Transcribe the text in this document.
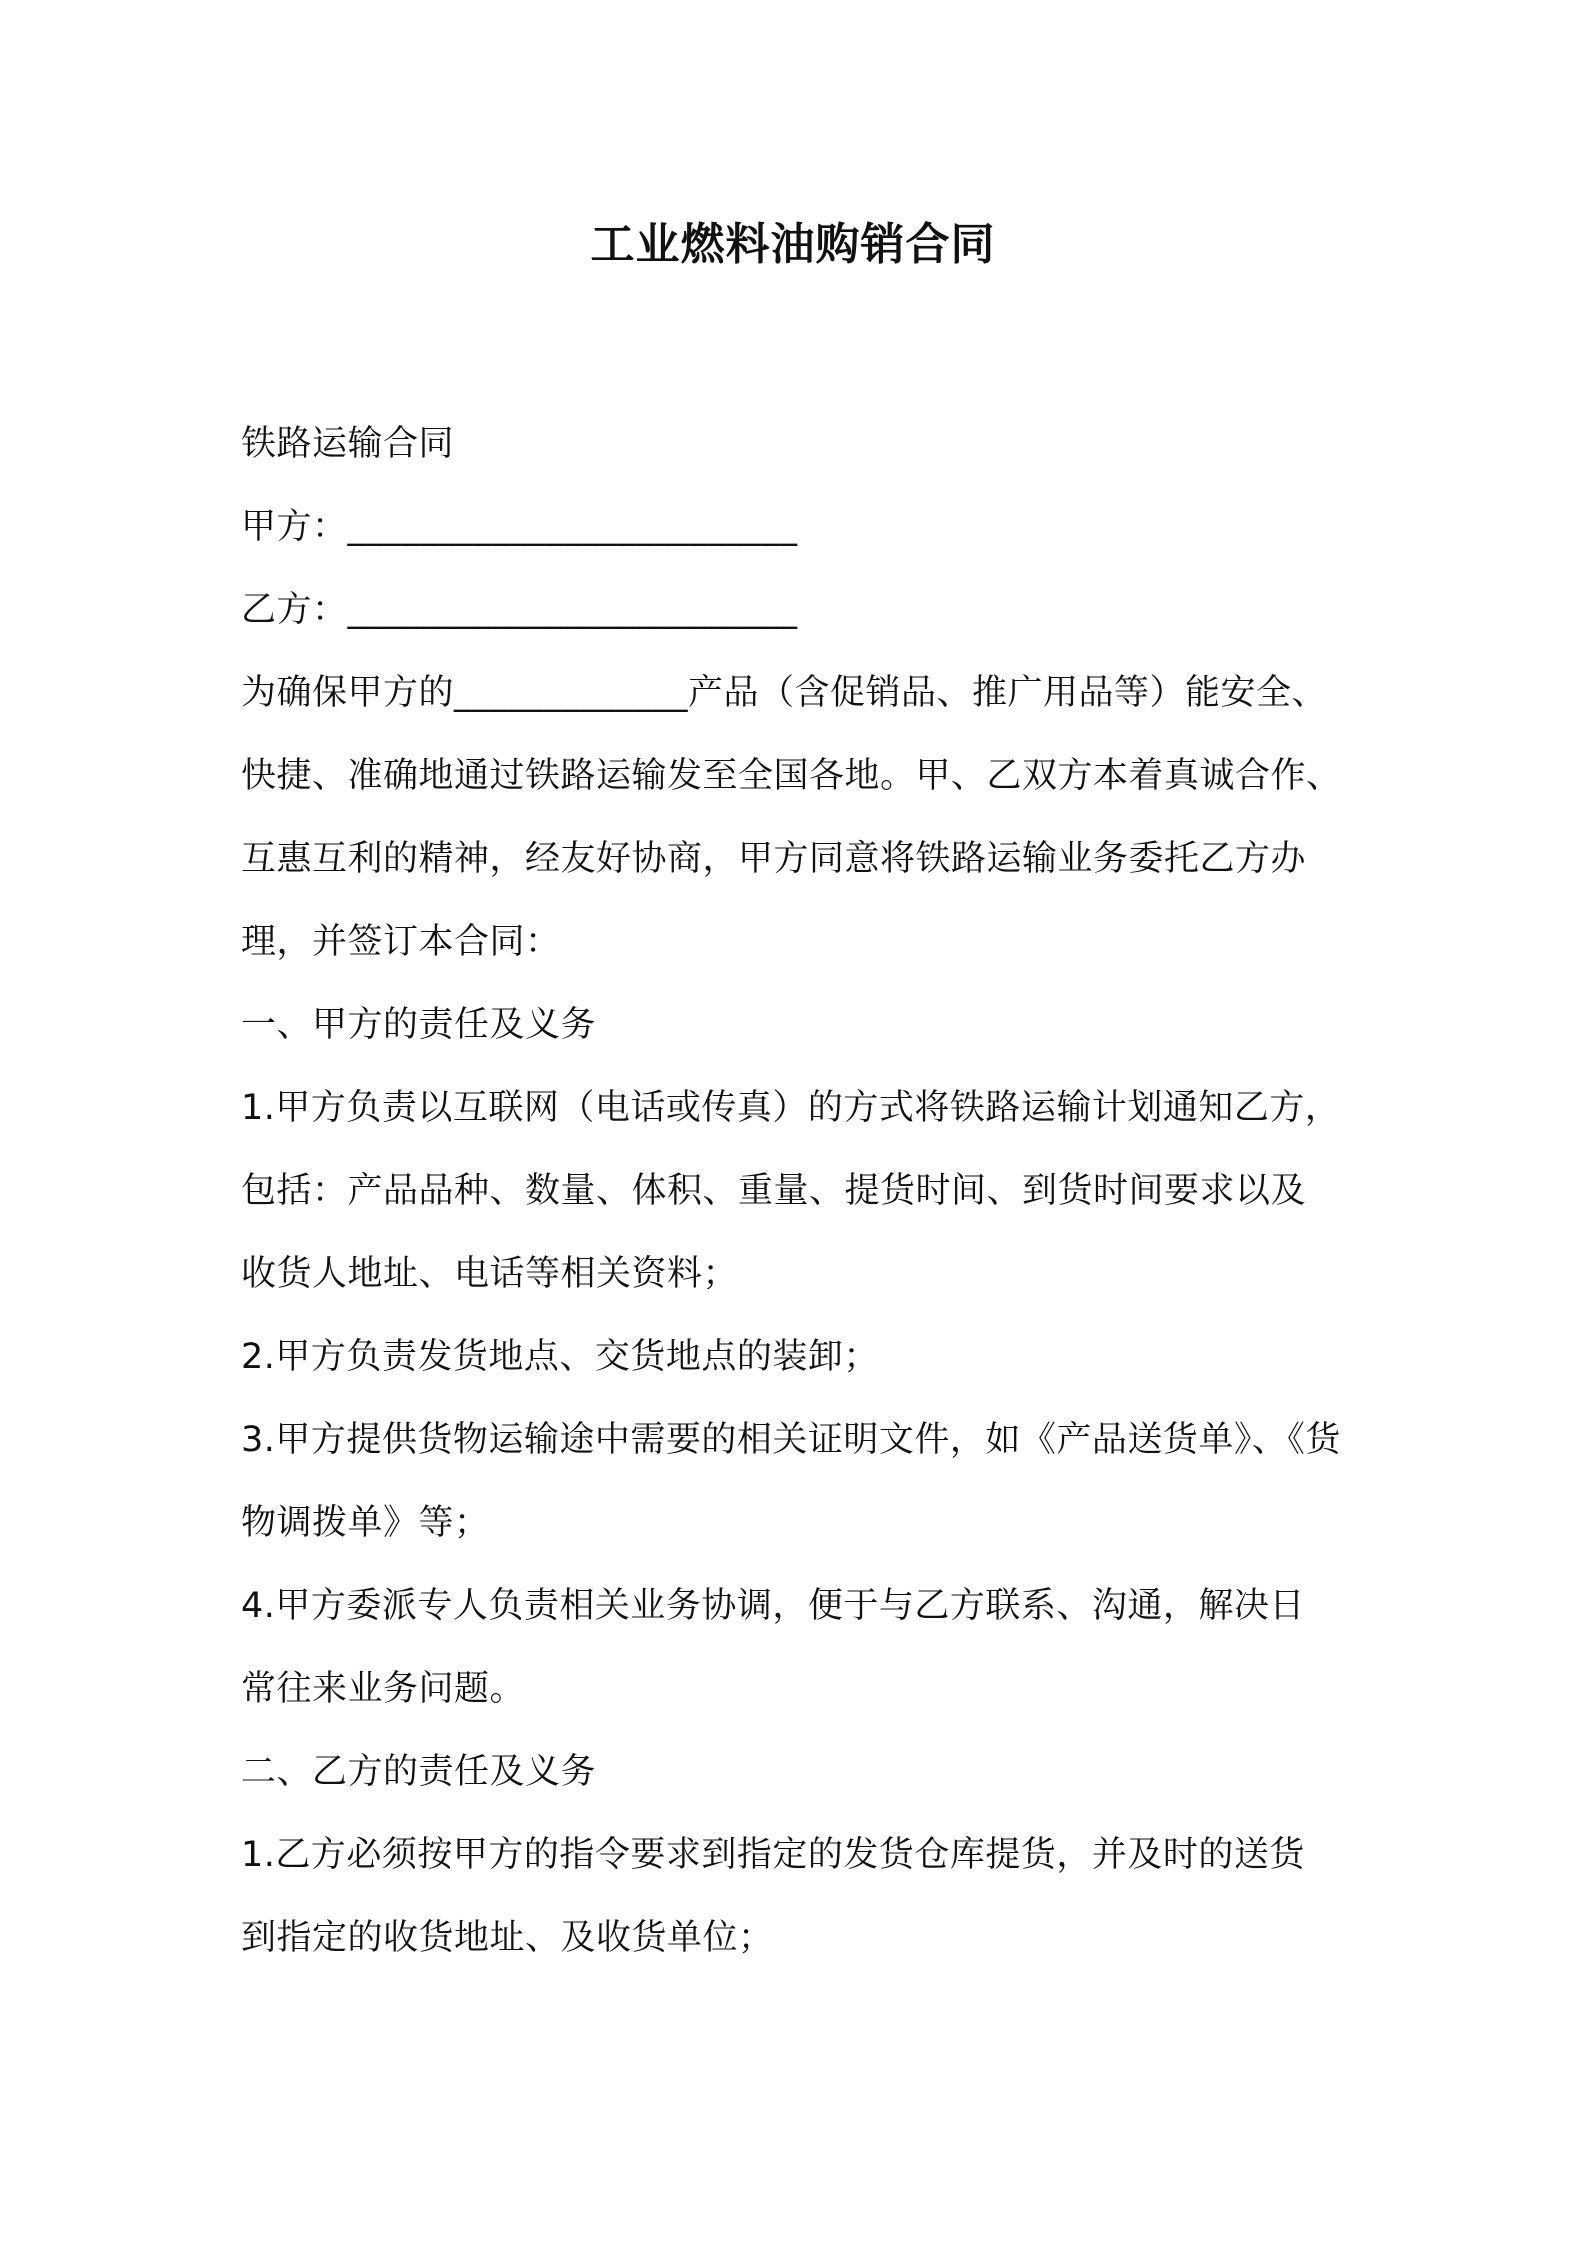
工业燃料油购销合同
铁路运输合同
甲方：_________________________
乙方：_________________________
为确保甲方的_____________产品（含促销品、推广用品等）能安全、
快捷、准确地通过铁路运输发至全国各地。甲、乙双方本着真诚合作、
互惠互利的精神，经友好协商，甲方同意将铁路运输业务委托乙方办
理，并签订本合同：
一、甲方的责任及义务
1.甲方负责以互联网（电话或传真）的方式将铁路运输计划通知乙方，
包括：产品品种、数量、体积、重量、提货时间、到货时间要求以及
收货人地址、电话等相关资料；
2.甲方负责发货地点、交货地点的装卸；
3.甲方提供货物运输途中需要的相关证明文件，如《产品送货单》、《货
物调拨单》等；
4.甲方委派专人负责相关业务协调，便于与乙方联系、沟通，解决日
常往来业务问题。
二、乙方的责任及义务
1.乙方必须按甲方的指令要求到指定的发货仓库提货，并及时的送货
到指定的收货地址、及收货单位；
